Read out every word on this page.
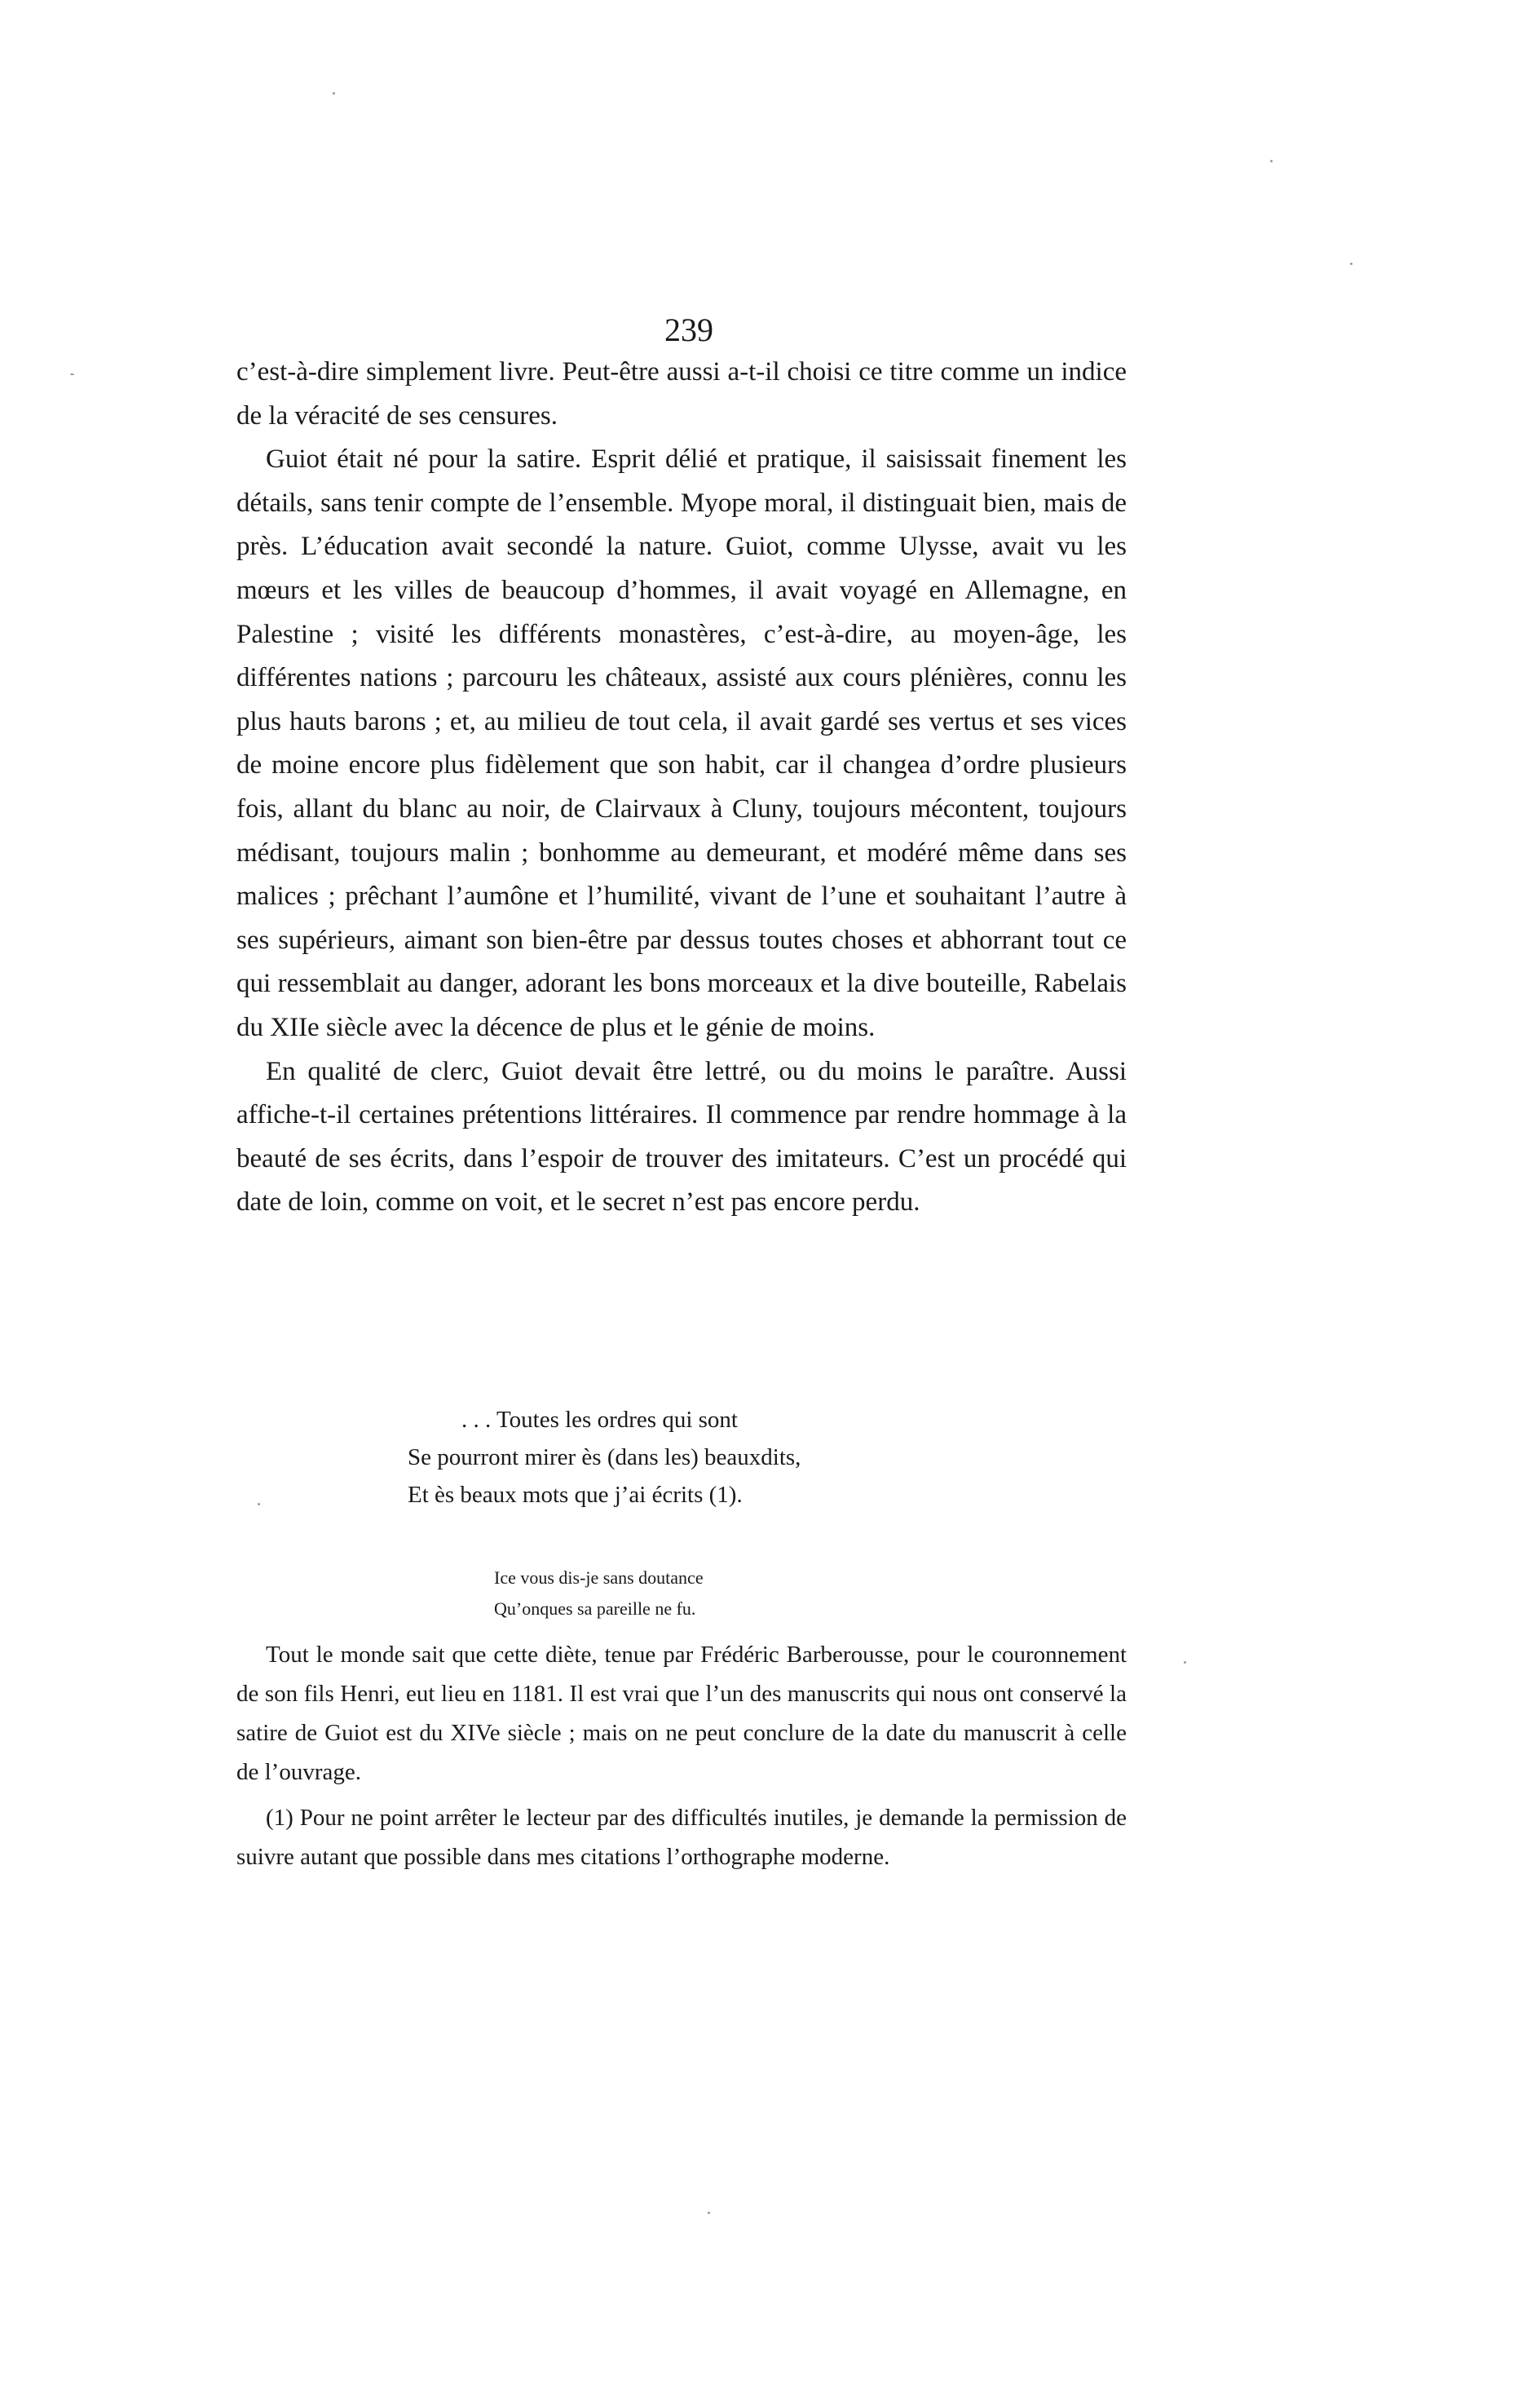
239

c’est-à-dire simplement livre. Peut-être aussi a-t-il choisi ce titre comme un indice de la véracité de ses censures.

Guiot était né pour la satire. Esprit délié et pratique, il saisissait finement les détails, sans tenir compte de l’ensemble. Myope moral, il distinguait bien, mais de près. L’éducation avait secondé la nature. Guiot, comme Ulysse, avait vu les mœurs et les villes de beaucoup d’hommes, il avait voyagé en Allemagne, en Palestine ; visité les différents monastères, c’est-à-dire, au moyen-âge, les différentes nations ; parcouru les châteaux, assisté aux cours plénières, connu les plus hauts barons ; et, au milieu de tout cela, il avait gardé ses vertus et ses vices de moine encore plus fidèlement que son habit, car il changea d’ordre plusieurs fois, allant du blanc au noir, de Clairvaux à Cluny, toujours mécontent, toujours médisant, toujours malin ; bonhomme au demeurant, et modéré même dans ses malices ; prêchant l’aumône et l’humilité, vivant de l’une et souhaitant l’autre à ses supérieurs, aimant son bien-être par dessus toutes choses et abhorrant tout ce qui ressemblait au danger, adorant les bons morceaux et la dive bouteille, Rabelais du XIIe siècle avec la décence de plus et le génie de moins.

En qualité de clerc, Guiot devait être lettré, ou du moins le paraître. Aussi affiche-t-il certaines prétentions littéraires. Il commence par rendre hommage à la beauté de ses écrits, dans l’espoir de trouver des imitateurs. C’est un procédé qui date de loin, comme on voit, et le secret n’est pas encore perdu.

. . . Toutes les ordres qui sont
Se pourront mirer ès (dans les) beauxdits,
Et ès beaux mots que j’ai écrits (1).
Ice vous dis-je sans doutance
Qu’onques sa pareille ne fu.

Tout le monde sait que cette diète, tenue par Frédéric Barberousse, pour le couronnement de son fils Henri, eut lieu en 1181. Il est vrai que l’un des manuscrits qui nous ont conservé la satire de Guiot est du XIVe siècle ; mais on ne peut conclure de la date du manuscrit à celle de l’ouvrage.

(1) Pour ne point arrêter le lecteur par des difficultés inutiles, je demande la permission de suivre autant que possible dans mes citations l’orthographe moderne.
